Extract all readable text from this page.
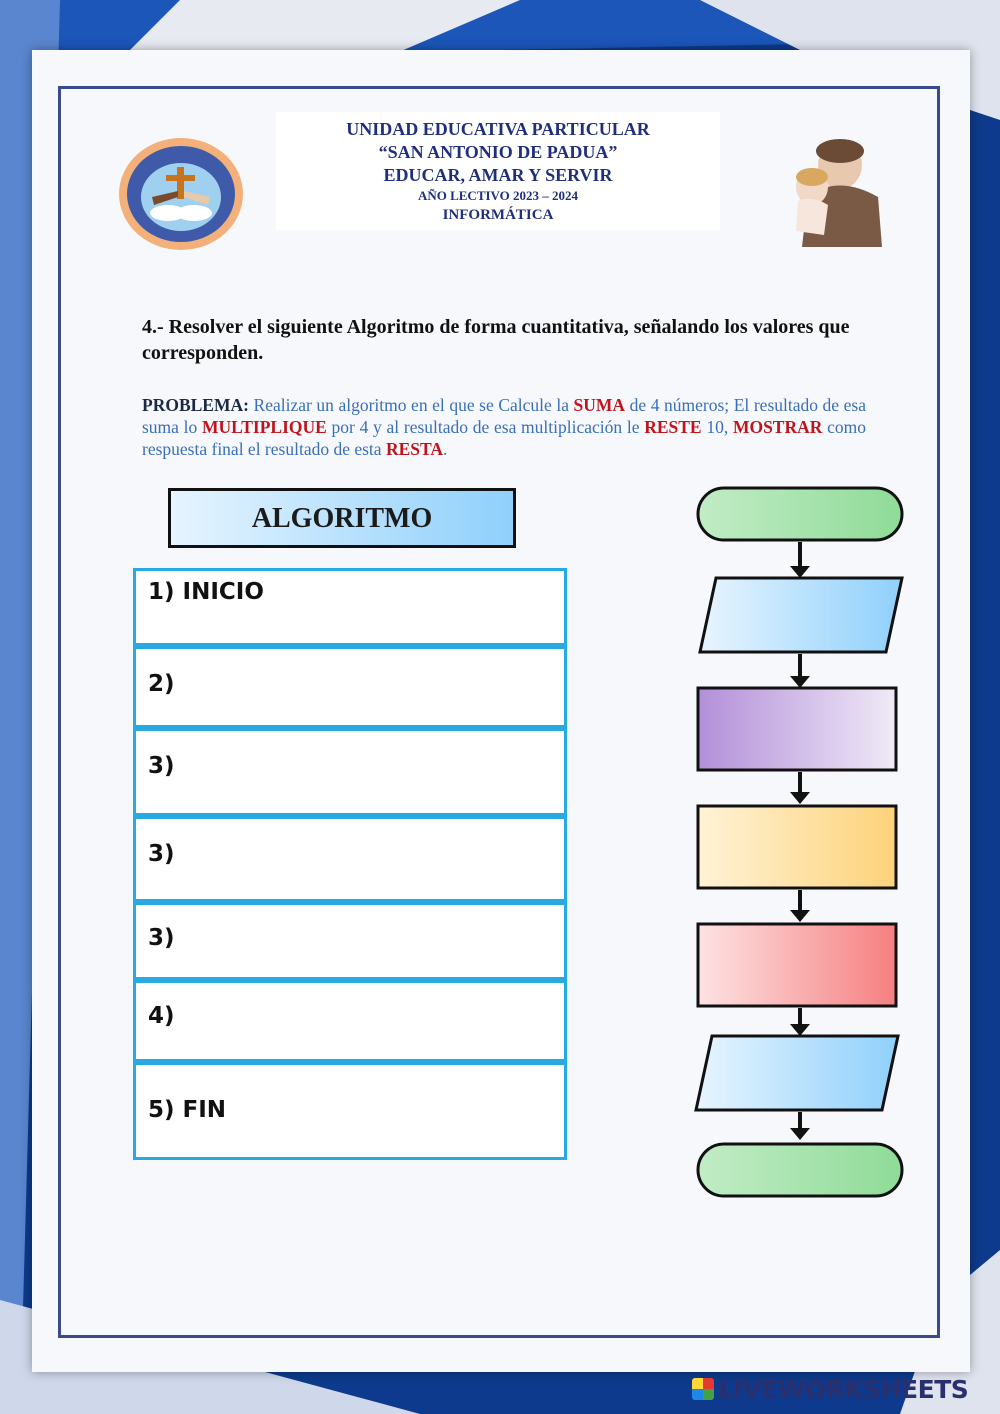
UNIDAD EDUCATIVA PARTICULAR
“SAN ANTONIO DE PADUA”
EDUCAR, AMAR Y SERVIR
AÑO LECTIVO 2023 – 2024
INFORMÁTICA
4.- Resolver el siguiente Algoritmo de forma cuantitativa, señalando los valores que corresponden.
PROBLEMA: Realizar un algoritmo en el que se Calcule la SUMA de 4 números; El resultado de esa suma lo MULTIPLIQUE por 4 y al resultado de esa multiplicación le RESTE 10, MOSTRAR como respuesta final el resultado de esta RESTA.
ALGORITMO
1) INICIO
2)
3)
3)
3)
4)
5) FIN
LIVEWORKSHEETS
